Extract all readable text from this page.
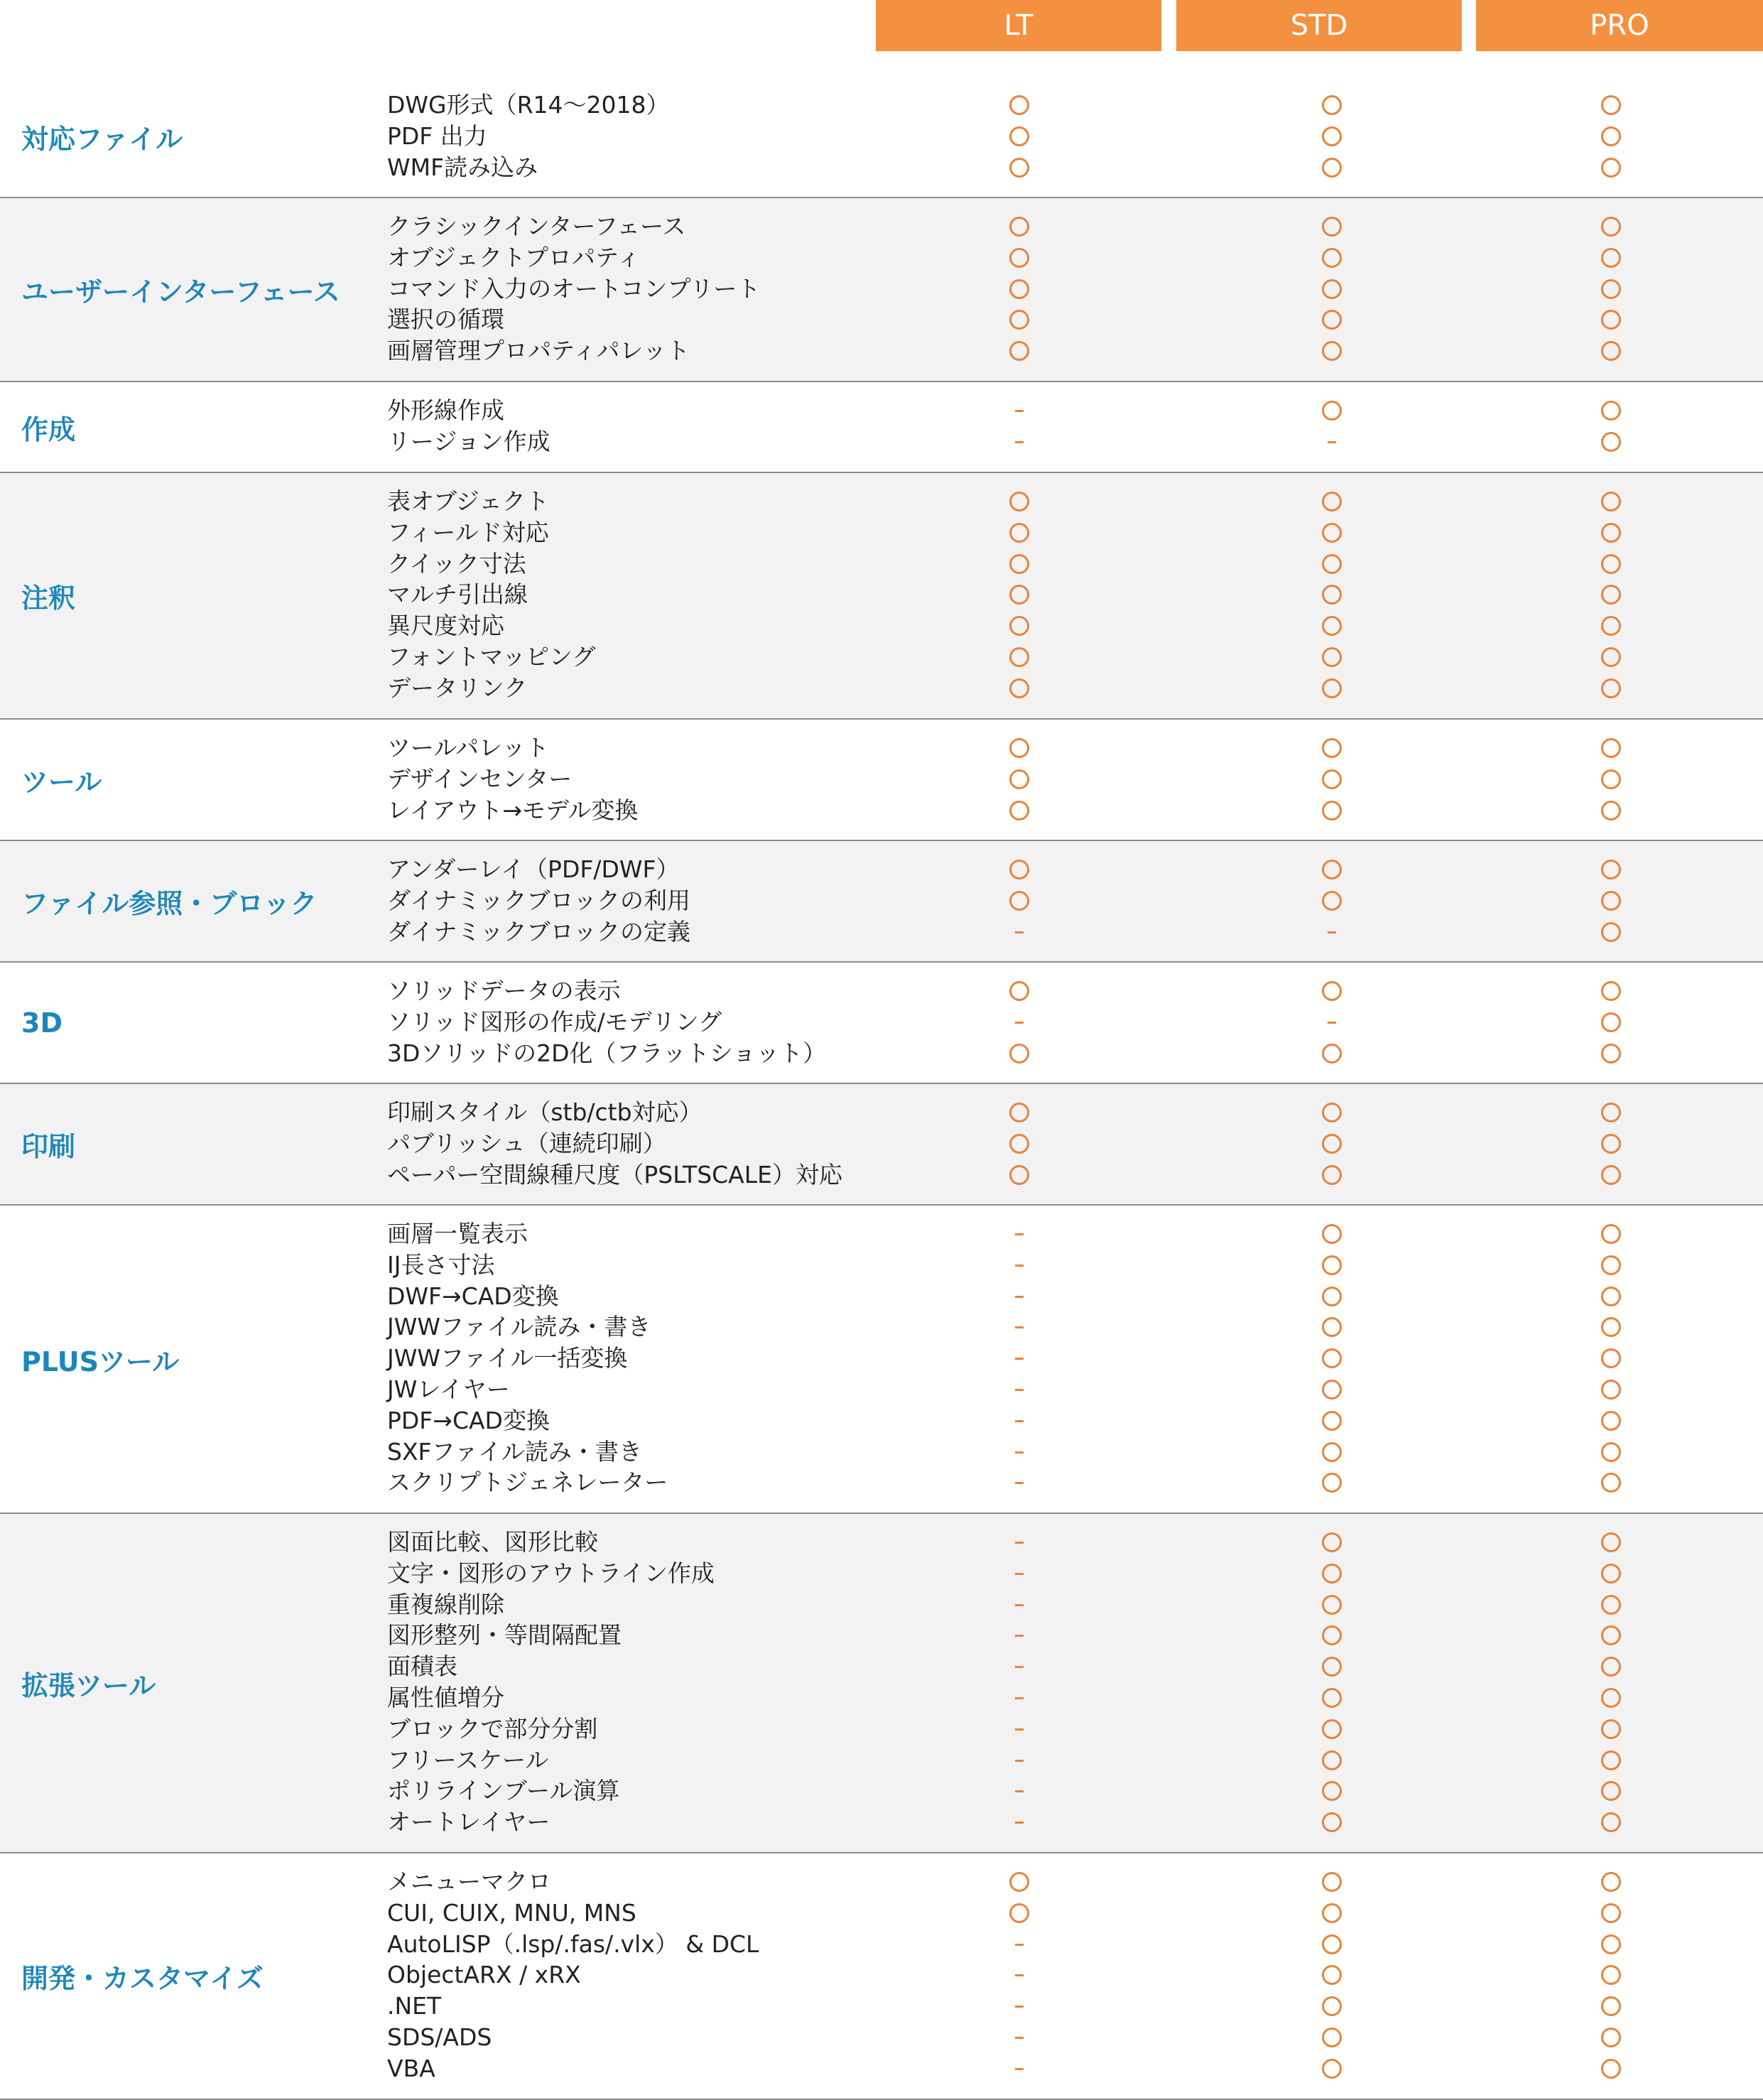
LT	STD	PRO
対応ファイル
DWG形式（R14〜2018）
PDF 出力
WMF読み込み
ユーザーインターフェース
クラシックインターフェース
オブジェクトプロパティ
コマンド入力のオートコンプリート
選択の循環
画層管理プロパティパレット
作成
外形線作成
リージョン作成
注釈
表オブジェクト
フィールド対応
クイック寸法
マルチ引出線
異尺度対応
フォントマッピング
データリンク
ツール
ツールパレット
デザインセンター
レイアウト→モデル変換
ファイル参照・ブロック
アンダーレイ（PDF/DWF）
ダイナミックブロックの利用
ダイナミックブロックの定義
3D
ソリッドデータの表示
ソリッド図形の作成/モデリング
3Dソリッドの2D化（フラットショット）
印刷
印刷スタイル（stb/ctb対応）
パブリッシュ（連続印刷）
ペーパー空間線種尺度（PSLTSCALE）対応
PLUSツール
画層一覧表示
IJ長さ寸法
DWF→CAD変換
JWWファイル読み・書き
JWWファイル一括変換
JWレイヤー
PDF→CAD変換
SXFファイル読み・書き
スクリプトジェネレーター
拡張ツール
図面比較、図形比較
文字・図形のアウトライン作成
重複線削除
図形整列・等間隔配置
面積表
属性値増分
ブロックで部分分割
フリースケール
ポリラインブール演算
オートレイヤー
開発・カスタマイズ
メニューマクロ
CUI, CUIX, MNU, MNS
AutoLISP（.lsp/.fas/.vlx） & DCL
ObjectARX / xRX
.NET
SDS/ADS
VBA
